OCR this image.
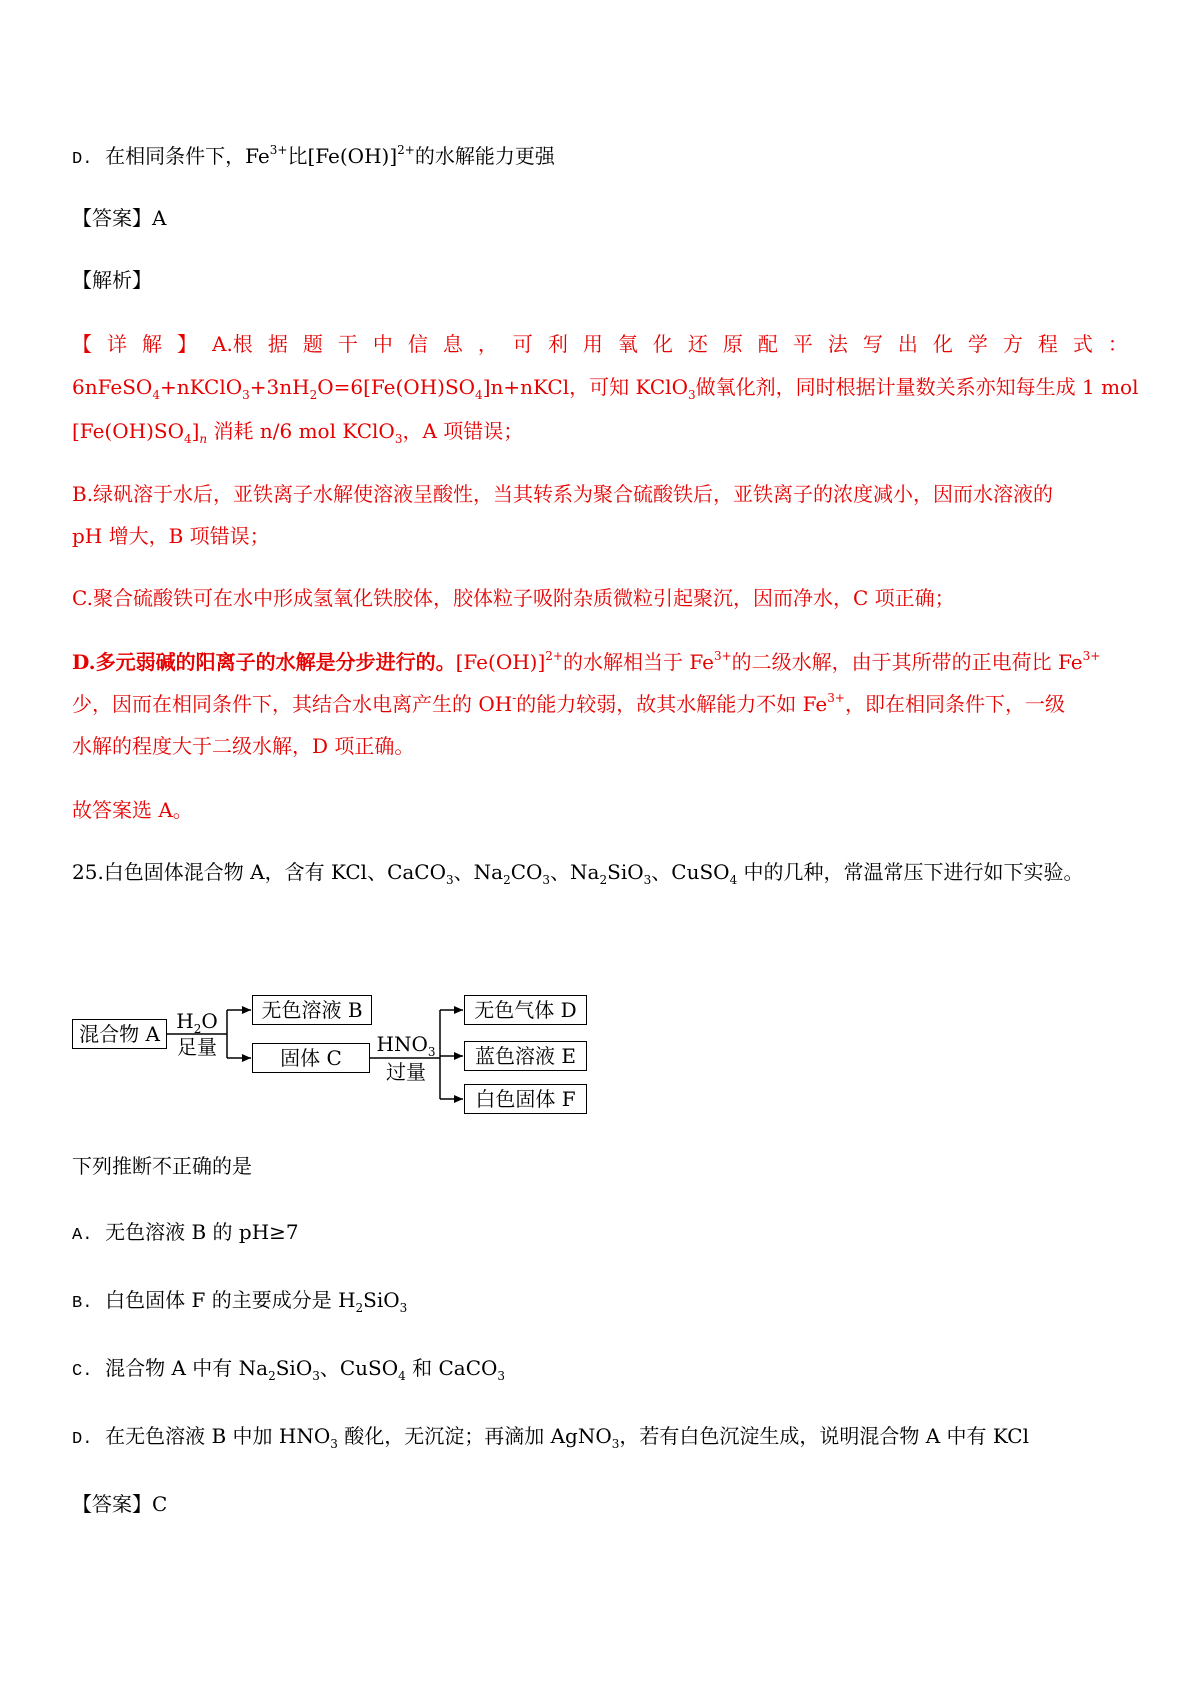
D. 在相同条件下，$Fe^{3+}$比$[Fe(OH)]^{2+}$的水解能力更强
【答案】A
【解析】
【 详 解 】 A.根 据 题 干 中 信 息 ， 可 利 用 氧 化 还 原 配 平 法 写 出 化 学 方 程 式 ：
$6nFeSO_4+nKClO_3+3nH_2O=6[Fe(OH)SO_4]n+nKCl$，可知 KClO$_3$做氧化剂，同时根据计量数关系亦知每生成 1 mol
$[Fe(OH)SO_4]_n$ 消耗 n/6 mol KClO$_3$，A 项错误；
B.绿矾溶于水后，亚铁离子水解使溶液呈酸性，当其转系为聚合硫酸铁后，亚铁离子的浓度减小，因而水溶液的
pH 增大，B 项错误；
C.聚合硫酸铁可在水中形成氢氧化铁胶体，胶体粒子吸附杂质微粒引起聚沉，因而净水，C 项正确；
D.多元弱碱的阳离子的水解是分步进行的。$[Fe(OH)]^{2+}$的水解相当于 $Fe^{3+}$的二级水解，由于其所带的正电荷比 $Fe^{3+}$
少，因而在相同条件下，其结合水电离产生的 OH-的能力较弱，故其水解能力不如 $Fe^{3+}$，即在相同条件下，一级
水解的程度大于二级水解，D 项正确。
故答案选 A。
25.白色固体混合物 A，含有 KCl、CaCO$_3$、$Na_2CO_3$、$Na_2SiO_3$、CuSO$_4$ 中的几种，常温常压下进行如下实验。
混合物 A
$H_2O$
足量
无色溶液 B
固体 C
$HNO_3$
过量
无色气体 D
蓝色溶液 E
白色固体 F
下列推断不正确的是
A. 无色溶液 B 的 pH≥7
B. 白色固体 F 的主要成分是 $H_2SiO_3$
C. 混合物 A 中有 $Na_2SiO_3$、CuSO$_4$ 和 CaCO$_3$
D. 在无色溶液 B 中加 $HNO_3$ 酸化，无沉淀；再滴加 AgNO$_3$，若有白色沉淀生成，说明混合物 A 中有 KCl
【答案】C
